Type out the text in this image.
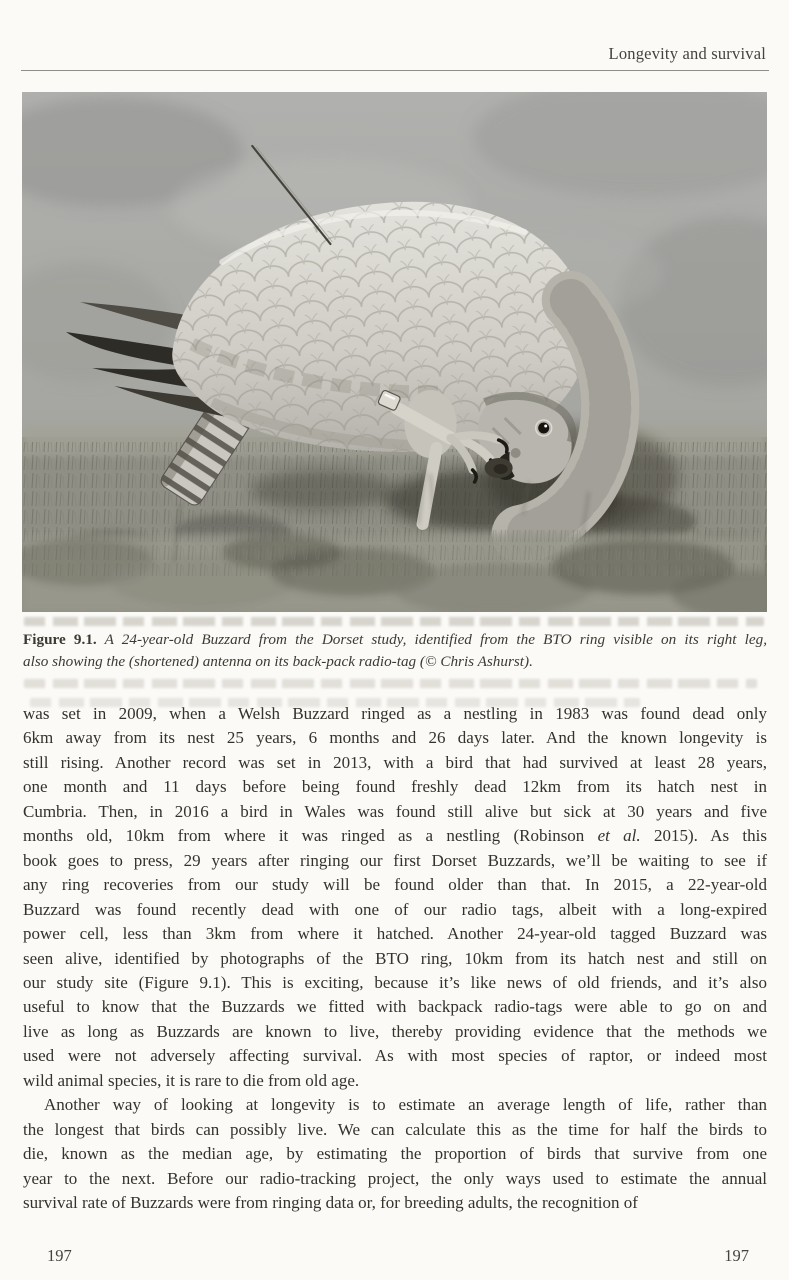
Longevity and survival
Figure 9.1. A 24-year-old Buzzard from the Dorset study, identified from the BTO ring visible on its right leg,
also showing the (shortened) antenna on its back-pack radio-tag (© Chris Ashurst).
was set in 2009, when a Welsh Buzzard ringed as a nestling in 1983 was found dead only
6km away from its nest 25 years, 6 months and 26 days later. And the known longevity is
still rising. Another record was set in 2013, with a bird that had survived at least 28 years,
one month and 11 days before being found freshly dead 12km from its hatch nest in
Cumbria. Then, in 2016 a bird in Wales was found still alive but sick at 30 years and five
months old, 10km from where it was ringed as a nestling (Robinson et al. 2015). As this
book goes to press, 29 years after ringing our first Dorset Buzzards, we’ll be waiting to see if
any ring recoveries from our study will be found older than that. In 2015, a 22-year-old
Buzzard was found recently dead with one of our radio tags, albeit with a long-expired
power cell, less than 3km from where it hatched. Another 24-year-old tagged Buzzard was
seen alive, identified by photographs of the BTO ring, 10km from its hatch nest and still on
our study site (Figure 9.1). This is exciting, because it’s like news of old friends, and it’s also
useful to know that the Buzzards we fitted with backpack radio-tags were able to go on and
live as long as Buzzards are known to live, thereby providing evidence that the methods we
used were not adversely affecting survival. As with most species of raptor, or indeed most
wild animal species, it is rare to die from old age.
Another way of looking at longevity is to estimate an average length of life, rather than
the longest that birds can possibly live. We can calculate this as the time for half the birds to
die, known as the median age, by estimating the proportion of birds that survive from one
year to the next. Before our radio-tracking project, the only ways used to estimate the annual
survival rate of Buzzards were from ringing data or, for breeding adults, the recognition of
197	197
